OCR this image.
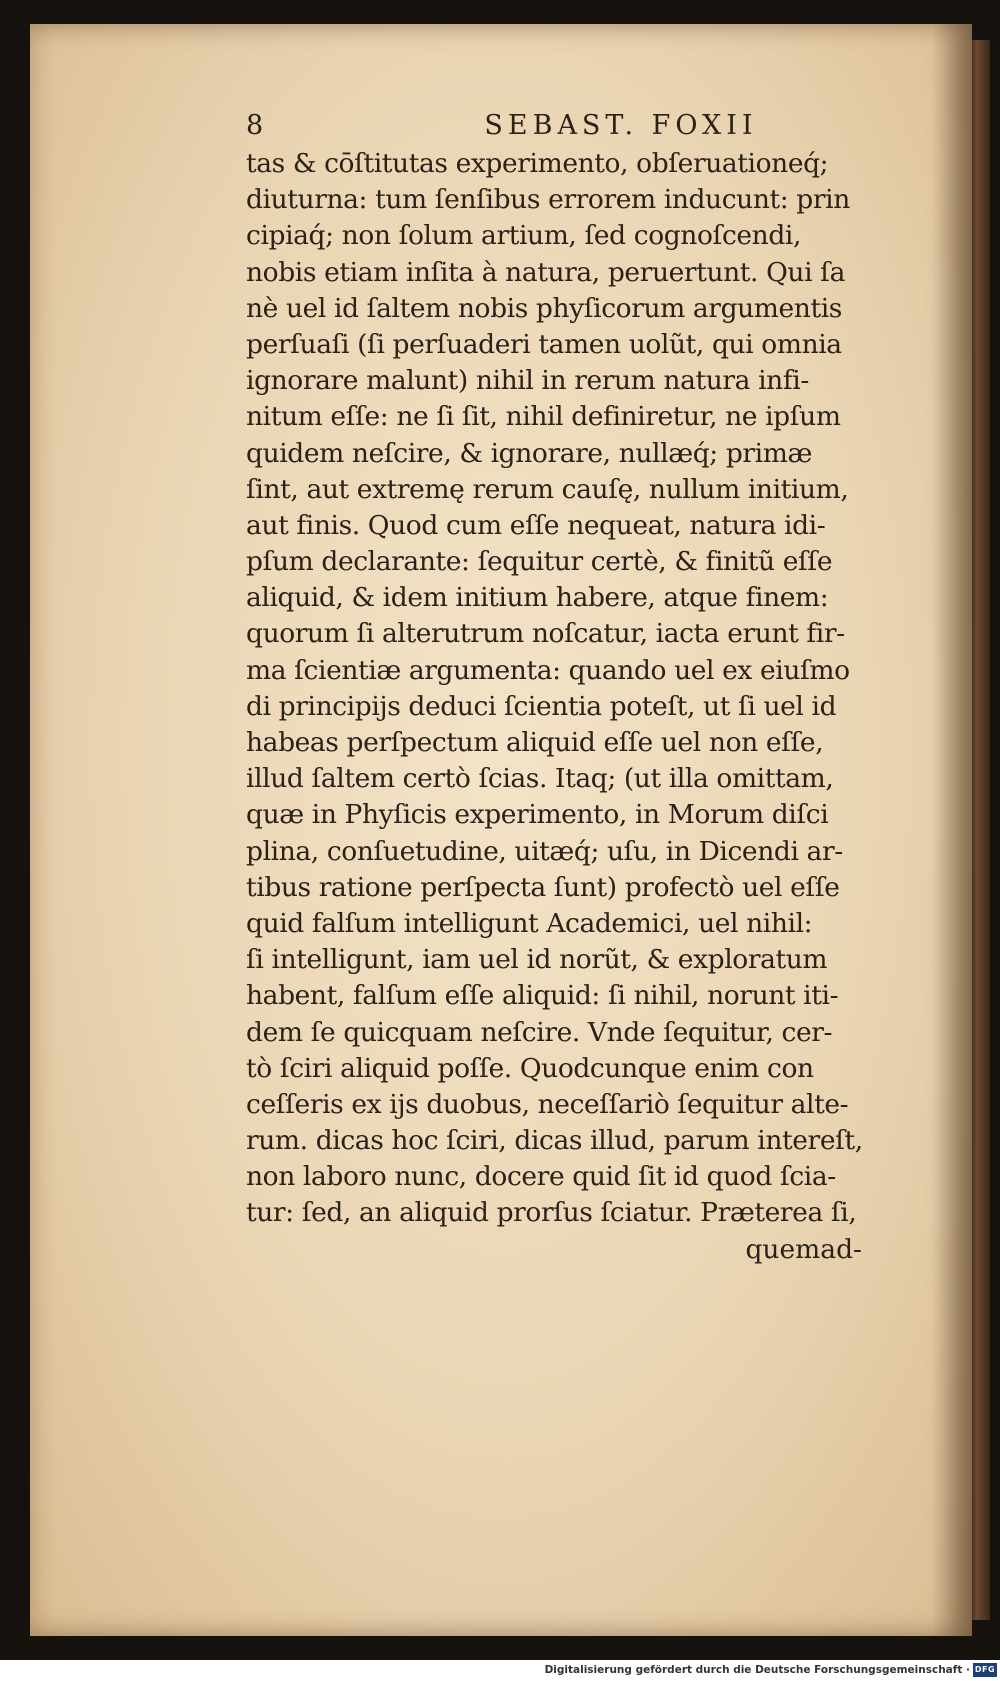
8	SEBAST. FOXII
tas & cōſtitutas experimento, obſeruationeq́;
diuturna: tum ſenſibus errorem inducunt: prin
cipiaq́; non ſolum artium, ſed cognoſcendi,
nobis etiam inſita à natura, peruertunt. Qui ſa
nè uel id ſaltem nobis phyſicorum argumentis
perſuaſi (ſi perſuaderi tamen uolũt, qui omnia
ignorare malunt) nihil in rerum natura infi-
nitum eſſe: ne ſi ſit, nihil definiretur, ne ipſum
quidem neſcire, & ignorare, nullæq́; primæ
ſint, aut extremę rerum cauſę, nullum initium,
aut finis. Quod cum eſſe nequeat, natura idi-
pſum declarante: ſequitur certè, & finitũ eſſe
aliquid, & idem initium habere, atque finem:
quorum ſi alterutrum noſcatur, iacta erunt fir-
ma ſcientiæ argumenta: quando uel ex eiuſmo
di principijs deduci ſcientia poteſt, ut ſi uel id
habeas perſpectum aliquid eſſe uel non eſſe,
illud ſaltem certò ſcias. Itaq; (ut illa omittam,
quæ in Phyſicis experimento, in Morum diſci
plina, conſuetudine, uitæq́; uſu, in Dicendi ar-
tibus ratione perſpecta ſunt) profectò uel eſſe
quid falſum intelligunt Academici, uel nihil:
ſi intelligunt, iam uel id norũt, & exploratum
habent, falſum eſſe aliquid: ſi nihil, norunt iti-
dem ſe quicquam neſcire. Vnde ſequitur, cer-
tò ſciri aliquid poſſe. Quodcunque enim con
ceſſeris ex ijs duobus, neceſſariò ſequitur alte-
rum. dicas hoc ſciri, dicas illud, parum intereſt,
non laboro nunc, docere quid ſit id quod ſcia-
tur: ſed, an aliquid prorſus ſciatur. Præterea ſi,
quemad-
Digitalisierung gefördert durch die Deutsche Forschungsgemeinschaft · DFG
